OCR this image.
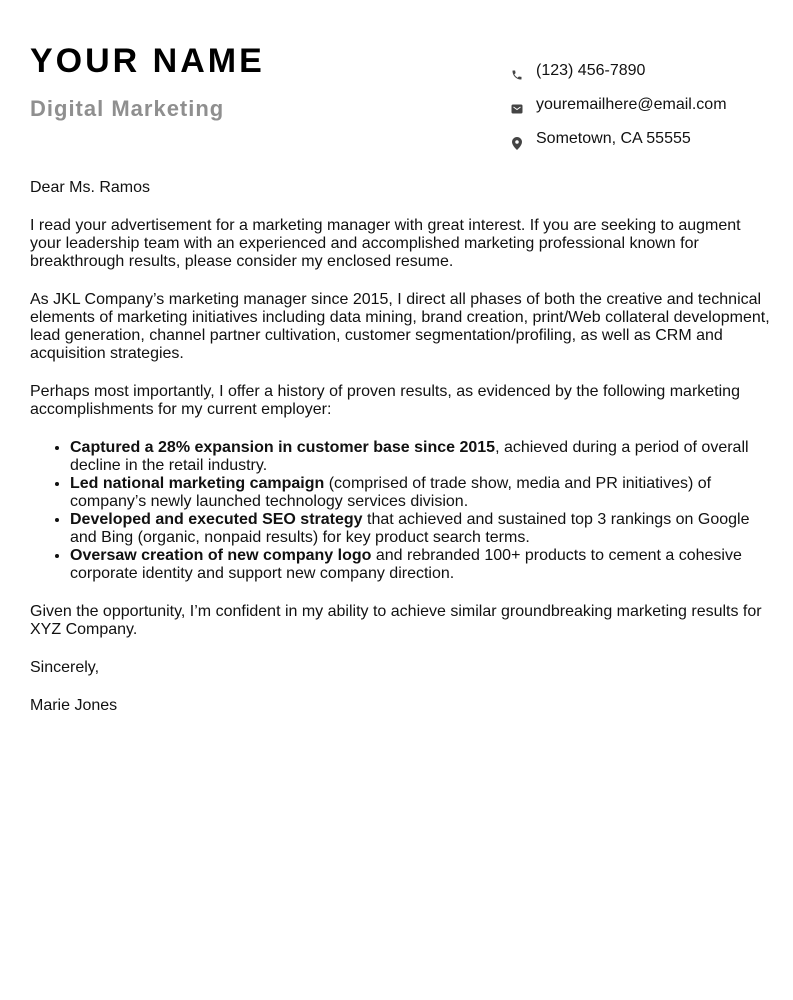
YOUR NAME
Digital Marketing
(123) 456-7890
youremailhere@email.com
Sometown, CA 55555

Dear Ms. Ramos

I read your advertisement for a marketing manager with great interest. If you are seeking to augment your leadership team with an experienced and accomplished marketing professional known for breakthrough results, please consider my enclosed resume.

As JKL Company’s marketing manager since 2015, I direct all phases of both the creative and technical elements of marketing initiatives including data mining, brand creation, print/Web collateral development, lead generation, channel partner cultivation, customer segmentation/profiling, as well as CRM and acquisition strategies.

Perhaps most importantly, I offer a history of proven results, as evidenced by the following marketing accomplishments for my current employer:

• Captured a 28% expansion in customer base since 2015, achieved during a period of overall decline in the retail industry.
• Led national marketing campaign (comprised of trade show, media and PR initiatives) of company’s newly launched technology services division.
• Developed and executed SEO strategy that achieved and sustained top 3 rankings on Google and Bing (organic, nonpaid results) for key product search terms.
• Oversaw creation of new company logo and rebranded 100+ products to cement a cohesive corporate identity and support new company direction.

Given the opportunity, I’m confident in my ability to achieve similar groundbreaking marketing results for XYZ Company.

Sincerely,

Marie Jones
